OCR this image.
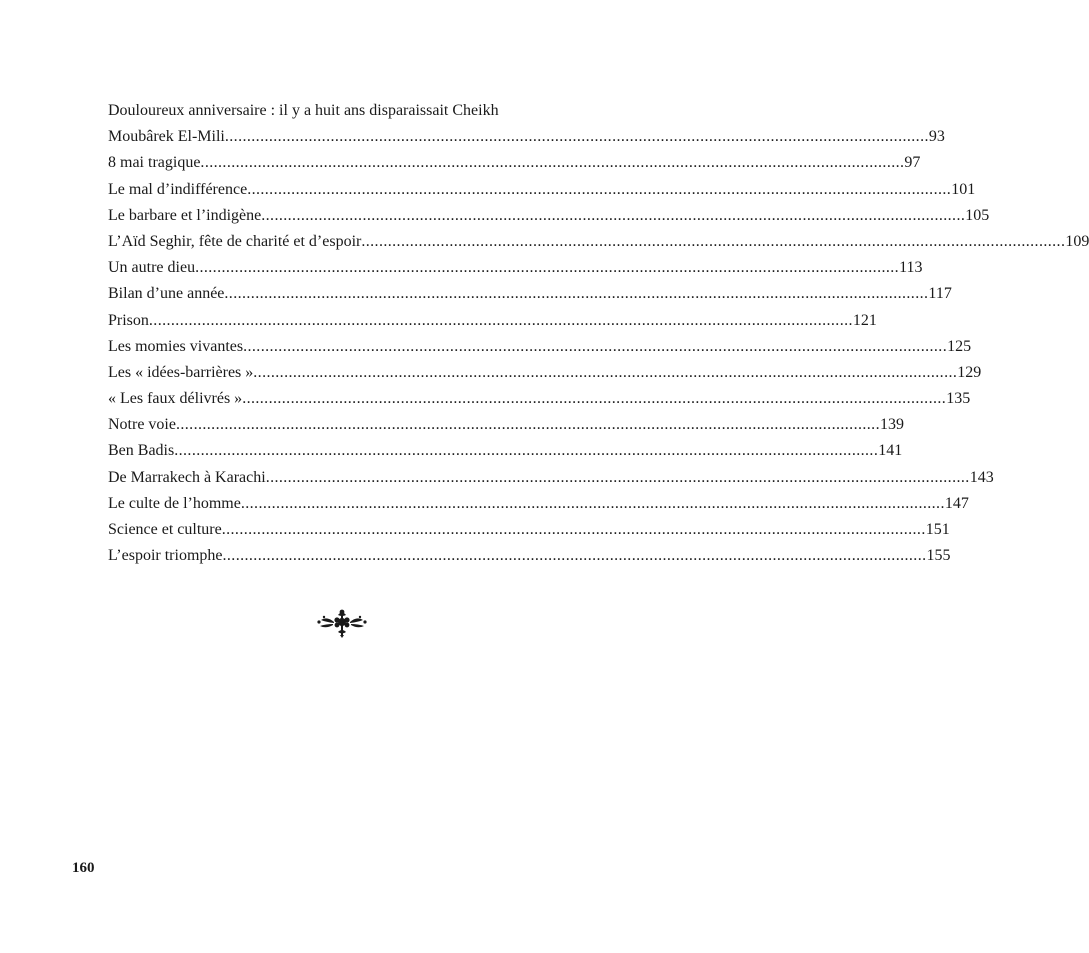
Douloureux anniversaire : il y a huit ans disparaissait Cheikh
Moubârek El-Mili ................................................................................................................................................................ 93
8 mai tragique ................................................................................................................................................................ 97
Le mal d’indifférence ................................................................................................................................................................ 101
Le barbare et l’indigène ................................................................................................................................................................ 105
L’Aïd Seghir, fête de charité et d’espoir ................................................................................................................................................................ 109
Un autre dieu ................................................................................................................................................................ 113
Bilan d’une année ................................................................................................................................................................ 117
Prison ................................................................................................................................................................ 121
Les momies vivantes ................................................................................................................................................................ 125
Les « idées-barrières » ................................................................................................................................................................ 129
« Les faux délivrés » ................................................................................................................................................................ 135
Notre voie ................................................................................................................................................................ 139
Ben Badis ................................................................................................................................................................ 141
De Marrakech à Karachi ................................................................................................................................................................ 143
Le culte de l’homme ................................................................................................................................................................ 147
Science et culture ................................................................................................................................................................ 151
L’espoir triomphe ................................................................................................................................................................ 155
160
